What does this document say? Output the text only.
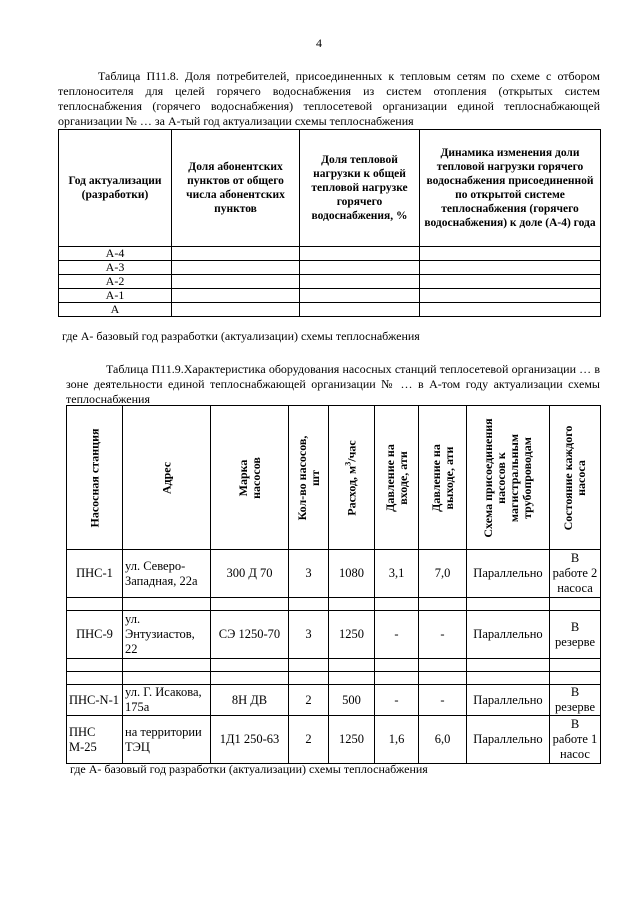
4

Таблица П11.8. Доля потребителей, присоединенных к тепловым сетям по схеме с отбором теплоносителя для целей горячего водоснабжения из систем отопления (открытых систем теплоснабжения (горячего водоснабжения) теплосетевой организации единой теплоснабжающей организации № … за А-тый год актуализации схемы теплоснабжения

Год актуализации (разработки)	Доля абонентских пунктов от общего числа абонентских пунктов	Доля тепловой нагрузки к общей тепловой нагрузке горячего водоснабжения, %	Динамика изменения доли тепловой нагрузки горячего водоснабжения присоединенной по открытой системе теплоснабжения (горячего водоснабжения) к доле (А-4) года
А-4			
А-3			
А-2			
А-1			
А			
где А- базовый год разработки (актуализации) схемы теплоснабжения

Таблица П11.9.Характеристика оборудования насосных станций теплосетевой организации … в зоне деятельности единой теплоснабжающей организации № … в А-том году актуализации схемы теплоснабжения

Насосная станция	Адрес	Марка насосов	Кол-во насосов, шт	Расход, $м^3$/час	Давление на входе, ати	Давление на выходе, ати	Схема присоединения насосов к магистральным трубопроводам	Состояние каждого насоса

ПНС-1	ул. Северо-Западная, 22а	300 Д 70	3	1080	3,1	7,0	Параллельно	В работе 2 насоса

ПНС-9	ул. Энтузиастов, 22	СЭ 1250-70	3	1250	-	-	Параллельно	В резерве

ПНС-N-1	ул. Г. Исакова, 175а	8Н ДВ	2	500	-	-	Параллельно	В резерве
ПНС М-25	на территории ТЭЦ	1Д1 250-63	2	1250	1,6	6,0	Параллельно	В работе 1 насос
где А- базовый год разработки (актуализации) схемы теплоснабжения
